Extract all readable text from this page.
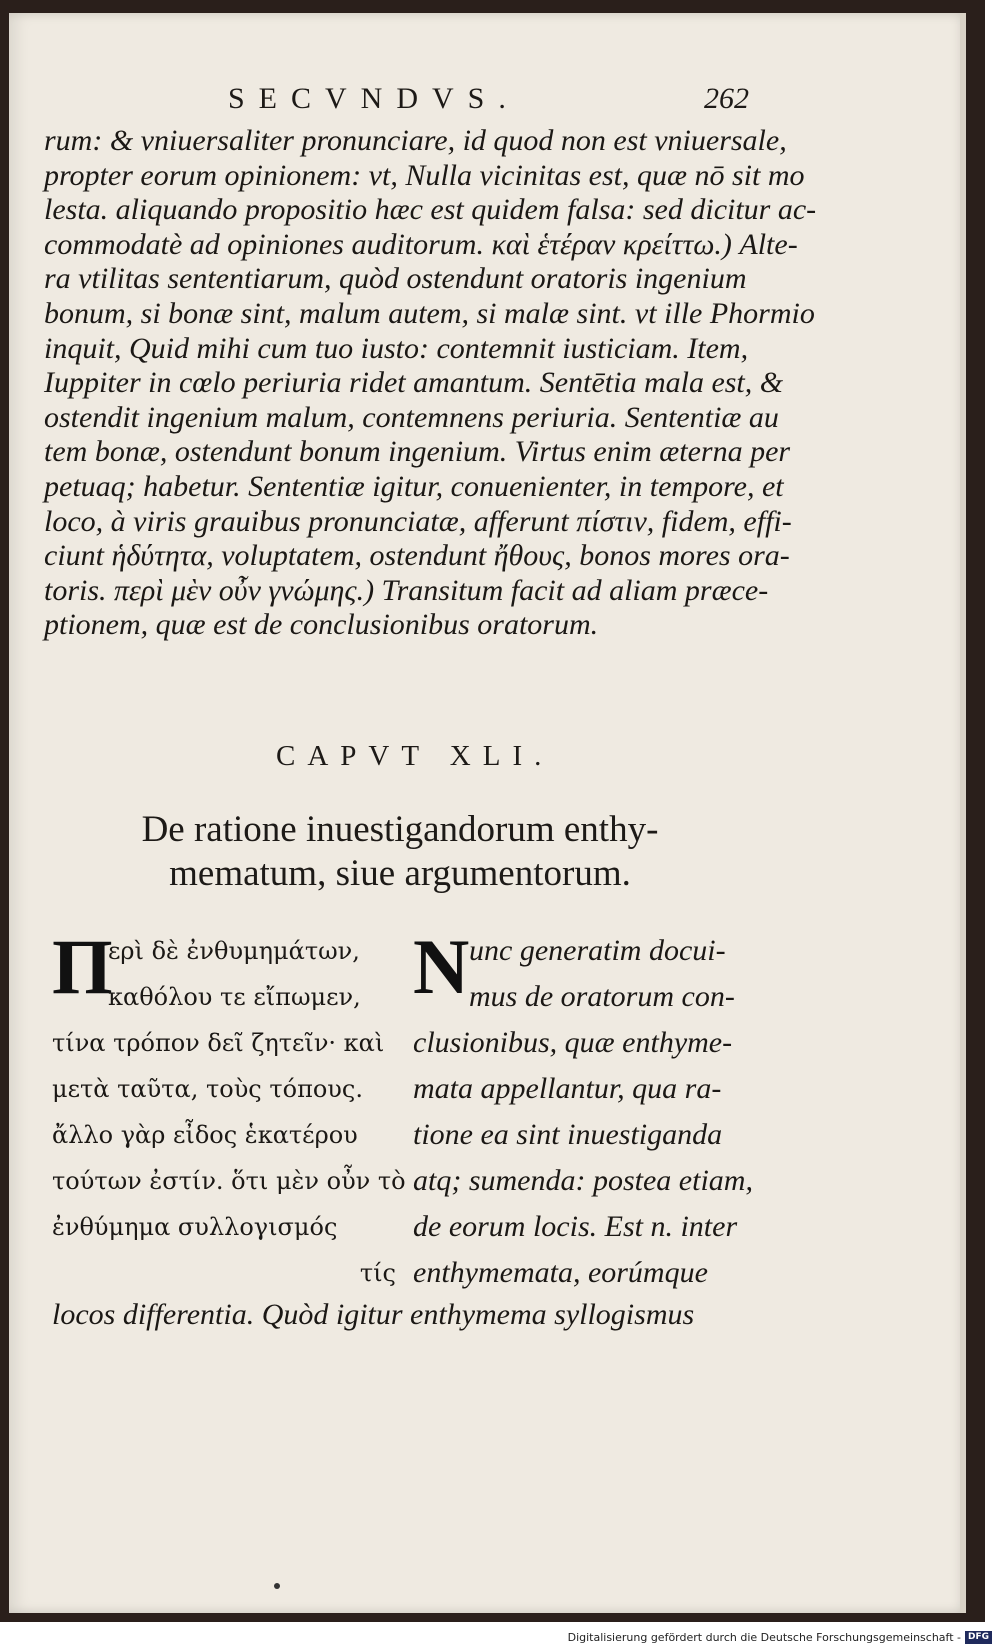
SECVNDVS.	262
rum: & vniuersaliter pronunciare, id quod non est vniuersale,
propter eorum opinionem: vt, Nulla vicinitas est, quæ nō sit mo
lesta. aliquando propositio hæc est quidem falsa: sed dicitur ac-
commodatè ad opiniones auditorum. καὶ ἑτέραν κρείττω.) Alte-
ra vtilitas sententiarum, quòd ostendunt oratoris ingenium
bonum, si bonæ sint, malum autem, si malæ sint. vt ille Phormio
inquit, Quid mihi cum tuo iusto: contemnit iusticiam. Item,
Iuppiter in cœlo periuria ridet amantum. Sentētia mala est, &
ostendit ingenium malum, contemnens periuria. Sententiæ au
tem bonæ, ostendunt bonum ingenium. Virtus enim æterna per
petuaq; habetur. Sententiæ igitur, conuenienter, in tempore, et
loco, à viris grauibus pronunciatæ, afferunt πίστιν, fidem, effi-
ciunt ἡδύτητα, voluptatem, ostendunt ἤθους, bonos mores ora-
toris. περὶ μὲν οὖν γνώμης.) Transitum facit ad aliam præce-
ptionem, quæ est de conclusionibus oratorum.
CAPVT XLI.
De ratione inuestigandorum enthy-
mematum, siue argumentorum.
Π
ερὶ δὲ ἐνθυμημάτων,
καθόλου τε εἴπωμεν,
τίνα τρόπον δεῖ ζητεῖν· καὶ
μετὰ ταῦτα, τοὺς τόπους.
ἄλλο γὰρ εἶδος ἑκατέρου
τούτων ἐστίν. ὅτι μὲν οὖν τὸ
ἐνθύμημα συλλογισμός
τίς
N unc generatim docui-
mus de oratorum con-
clusionibus, quæ enthyme-
mata appellantur, qua ra-
tione ea sint inuestiganda
atq; sumenda: postea etiam,
de eorum locis. Est n. inter
enthymemata, eorúmque
locos differentia. Quòd igitur enthymema syllogismus
Digitalisierung gefördert durch die Deutsche Forschungsgemeinschaft - DFG
